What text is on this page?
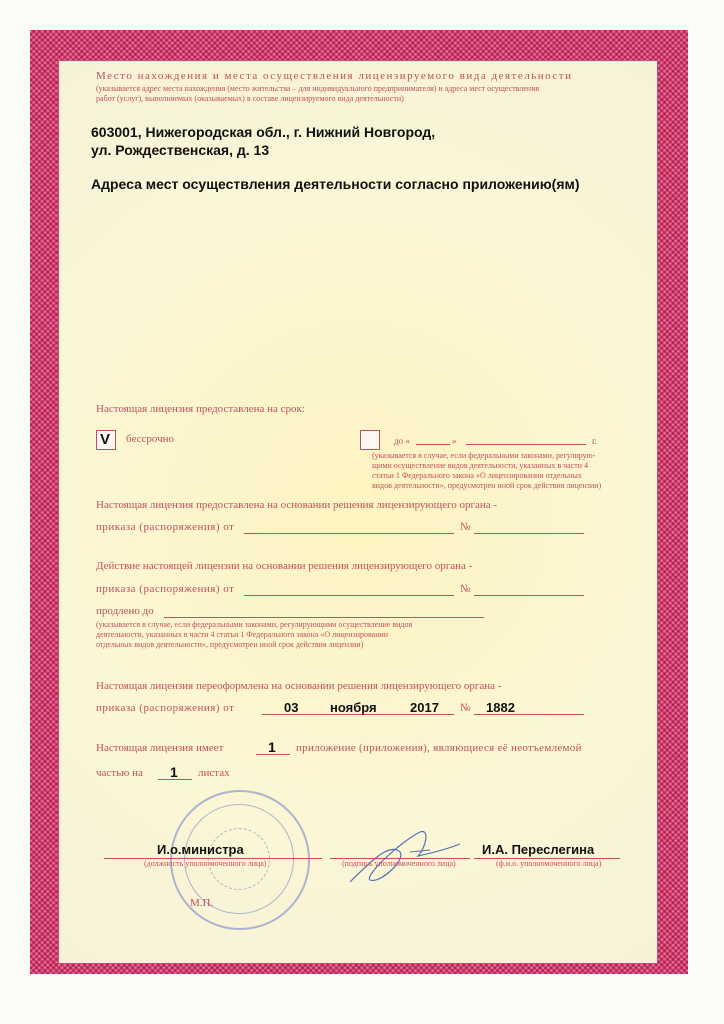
Место нахождения и места осуществления лицензируемого вида деятельности
(указывается адрес места нахождения (место жительства – для индивидуального предпринимателя) и адреса мест осуществления
работ (услуг), выполняемых (оказываемых) в составе лицензируемого вида деятельности)
603001, Нижегородская обл., г. Нижний Новгород,
ул. Рождественская, д. 13
Адреса мест осуществления деятельности согласно приложению(ям)
Настоящая лицензия предоставлена на срок:
V бессрочно	до «	»	г.
(указывается в случае, если федеральными законами, регулирую-
щими осуществление видов деятельности, указанных в части 4
статьи 1 Федерального закона «О лицензировании отдельных
видов деятельности», предусмотрен иной срок действия лицензии)
Настоящая лицензия предоставлена на основании решения лицензирующего органа -
приказа (распоряжения) от	№
Действие настоящей лицензии на основании решения лицензирующего органа -
приказа (распоряжения) от	№
продлено до
(указывается в случае, если федеральными законами, регулирующими осуществление видов
деятельности, указанных в части 4 статьи 1 Федерального закона «О лицензировании
отдельных видов деятельности», предусмотрен иной срок действия лицензии)
Настоящая лицензия переоформлена на основании решения лицензирующего органа -
приказа (распоряжения) от	03 ноября	2017 № 1882
Настоящая лицензия имеет	1 приложение (приложения), являющиеся её неотъемлемой
частью на 1 листах
И.о.министра
(должность уполномоченного лица)	(подпись уполномоченного лица)
И.А. Переслегина
(ф.и.о. уполномоченного лица)
М.П.
